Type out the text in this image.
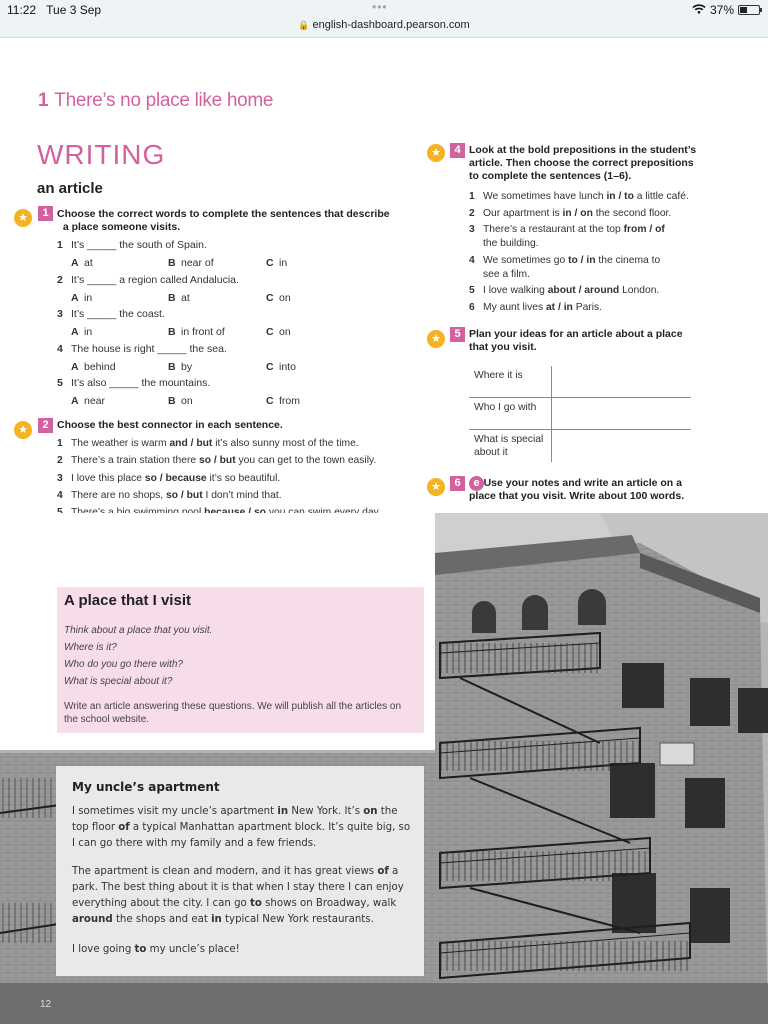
11:22 Tue 3 Sep	•••
🔒 english-dashboard.pearson.com
37%
1 There’s no place like home
WRITING
an article
★	1 Choose the correct words to complete the sentences that describe
a place someone visits.
1 It’s _____ the south of Spain.
A at	B near of	C in
2 It’s _____ a region called Andalucia.
A in	B at	C on
3 It’s _____ the coast.
A in	B in front of	C on
4 The house is right _____ the sea.
A behind	B by	C into
5 It’s also _____ the mountains.
A near	B on	C from
★	2 Choose the best connector in each sentence.
1 The weather is warm and / but it’s also sunny most of the time.
2 There’s a train station there so / but you can get to the town easily.
3 I love this place so / because it’s so beautiful.
4 There are no shops, so / but I don’t mind that.

★	4 Look at the bold prepositions in the student’s
article. Then choose the correct prepositions
to complete the sentences (1–6).
1 We sometimes have lunch in / to a little café.
2 Our apartment is in / on the second floor.
3 There’s a restaurant at the top from / of
the building.
4 We sometimes go to / in the cinema to
see a film.
5 I love walking about / around London.
6 My aunt lives at / in Paris.
★	5 Plan your ideas for an article about a place
that you visit.
Where it is
Who I go with
What is special about it
★	6	e Use your notes and write an article on a
place that you visit. Write about 100 words.
A place that I visit
Think about a place that you visit.
Where is it?
Who do you go there with?
What is special about it?
Write an article answering these questions. We will publish all the articles on the school website.
My uncle’s apartment
I sometimes visit my uncle’s apartment in New York. It’s on the top floor of a typical Manhattan apartment block. It’s quite big, so I can go there with my family and a few friends.
The apartment is clean and modern, and it has great views of a park. The best thing about it is that when I stay there I can enjoy everything about the city. I can go to shows on Broadway, walk around the shops and eat in typical New York restaurants.
I love going to my uncle’s place!
12
